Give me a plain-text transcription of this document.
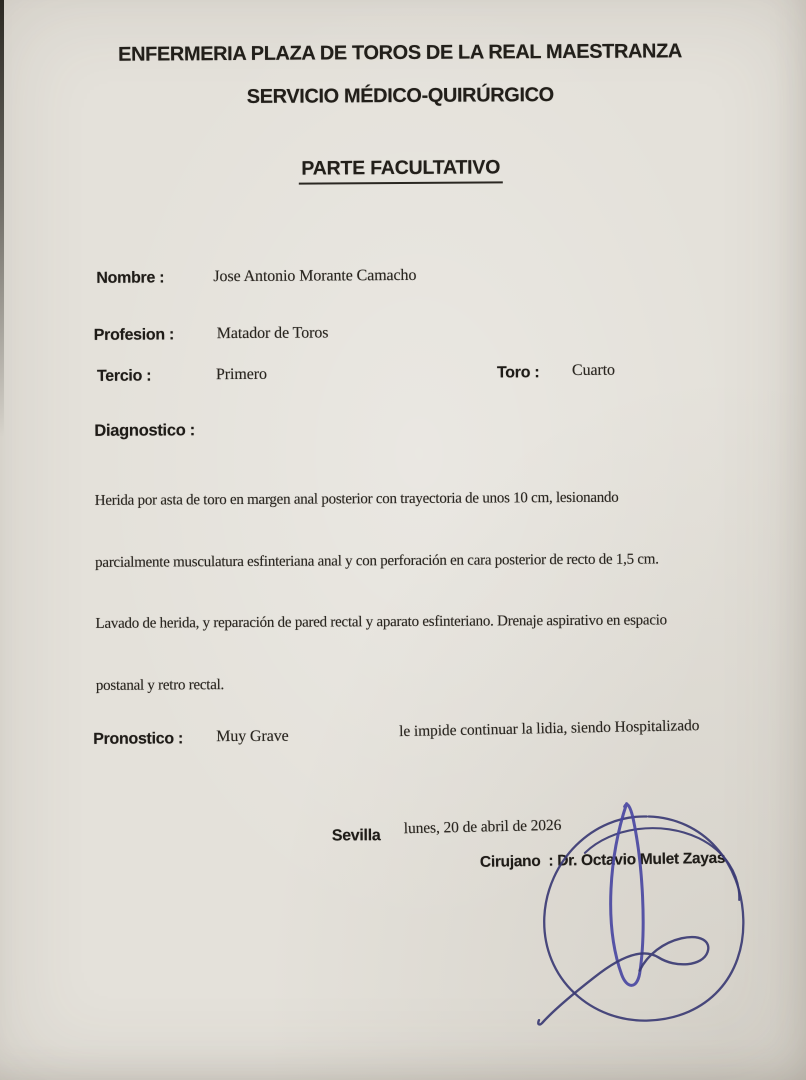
ENFERMERIA PLAZA DE TOROS DE LA REAL MAESTRANZA
SERVICIO MÉDICO-QUIRÚRGICO
PARTE FACULTATIVO
Nombre :	Jose Antonio Morante Camacho
Profesion :	Matador de Toros
Tercio :	Primero	Toro : Cuarto
Diagnostico :

Herida por asta de toro en margen anal posterior con trayectoria de unos 10 cm, lesionando

parcialmente musculatura esfinteriana anal y con perforación en cara posterior de recto de 1,5 cm.

Lavado de herida, y reparación de pared rectal y aparato esfinteriano. Drenaje aspirativo en espacio

postanal y retro rectal.

Pronostico : Muy Grave	le impide continuar la lidia, siendo Hospitalizado
Sevilla lunes, 20 de abril de 2026
Cirujano  : Dr. Octavio Mulet Zayas
